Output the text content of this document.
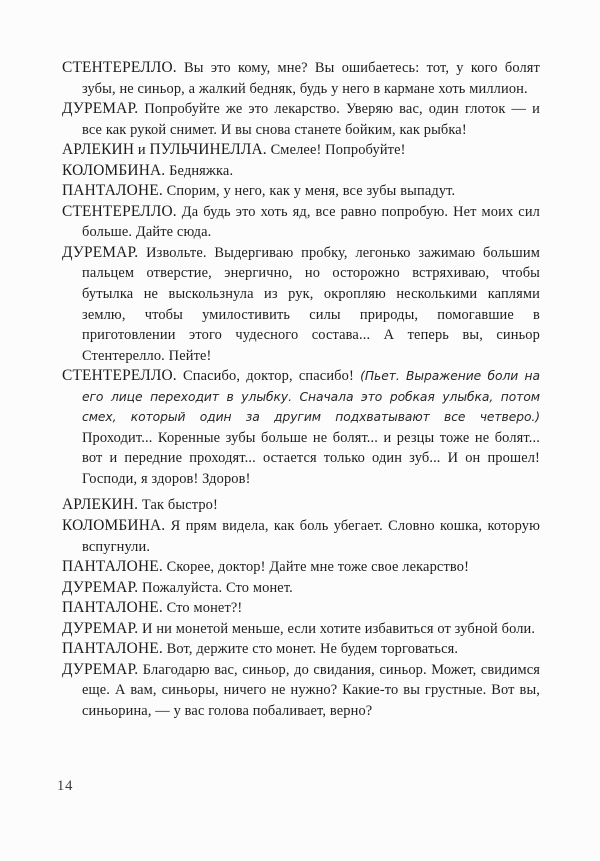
СТЕНТЕРЕЛЛО. Вы это кому, мне? Вы ошибаетесь: тот, у кого болят зубы, не синьор, а жалкий бедняк, будь у него в кармане хоть миллион.

ДУРЕМАР. Попробуйте же это лекарство. Уверяю вас, один глоток — и все как рукой снимет. И вы снова станете бойким, как рыбка!

АРЛЕКИН и ПУЛЬЧИНЕЛЛА. Смелее! Попробуйте!

КОЛОМБИНА. Бедняжка.

ПАНТАЛОНЕ. Спорим, у него, как у меня, все зубы выпадут.

СТЕНТЕРЕЛЛО. Да будь это хоть яд, все равно попробую. Нет моих сил больше. Дайте сюда.

ДУРЕМАР. Извольте. Выдергиваю пробку, легонько зажимаю большим пальцем отверстие, энергично, но осторожно встряхиваю, чтобы бутылка не выскользнула из рук, окропляю несколькими каплями землю, чтобы умилостивить силы природы, помогавшие в приготовлении этого чудесного состава... А теперь вы, синьор Стентерелло. Пейте!

СТЕНТЕРЕЛЛО. Спасибо, доктор, спасибо! (Пьет. Выражение боли на его лице переходит в улыбку. Сначала это робкая улыбка, потом смех, который один за другим подхватывают все четверо.) Проходит... Коренные зубы больше не болят... и резцы тоже не болят... вот и передние проходят... остается только один зуб... И он прошел! Господи, я здоров! Здоров!

АРЛЕКИН. Так быстро!

КОЛОМБИНА. Я прям видела, как боль убегает. Словно кошка, которую вспугнули.

ПАНТАЛОНЕ. Скорее, доктор! Дайте мне тоже свое лекарство!

ДУРЕМАР. Пожалуйста. Сто монет.

ПАНТАЛОНЕ. Сто монет?!

ДУРЕМАР. И ни монетой меньше, если хотите избавиться от зубной боли.

ПАНТАЛОНЕ. Вот, держите сто монет. Не будем торговаться.

ДУРЕМАР. Благодарю вас, синьор, до свидания, синьор. Может, свидимся еще. А вам, синьоры, ничего не нужно? Какие-то вы грустные. Вот вы, синьорина, — у вас голова побаливает, верно?

14
